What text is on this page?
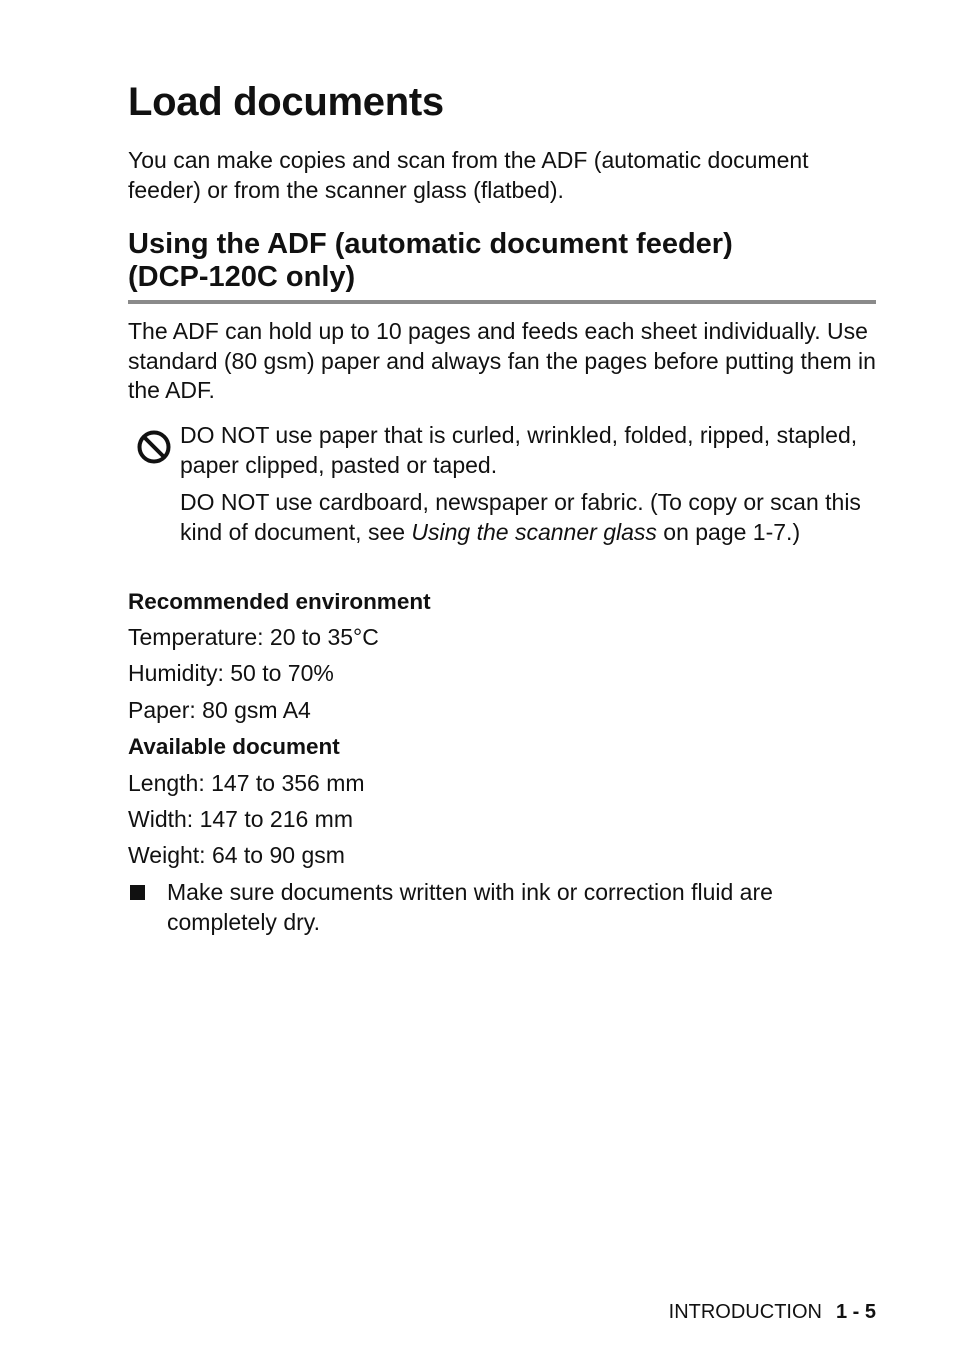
Load documents

You can make copies and scan from the ADF (automatic document feeder) or from the scanner glass (flatbed).

Using the ADF (automatic document feeder)
(DCP-120C only)

The ADF can hold up to 10 pages and feeds each sheet individually. Use standard (80 gsm) paper and always fan the pages before putting them in the ADF.

DO NOT use paper that is curled, wrinkled, folded, ripped, stapled, paper clipped, pasted or taped.

DO NOT use cardboard, newspaper or fabric. (To copy or scan this kind of document, see Using the scanner glass on page 1-7.)

Recommended environment

Temperature: 20 to 35°C

Humidity: 50 to 70%

Paper: 80 gsm A4

Available document

Length: 147 to 356 mm

Width: 147 to 216 mm

Weight: 64 to 90 gsm

Make sure documents written with ink or correction fluid are completely dry.

INTRODUCTION 1 - 5
